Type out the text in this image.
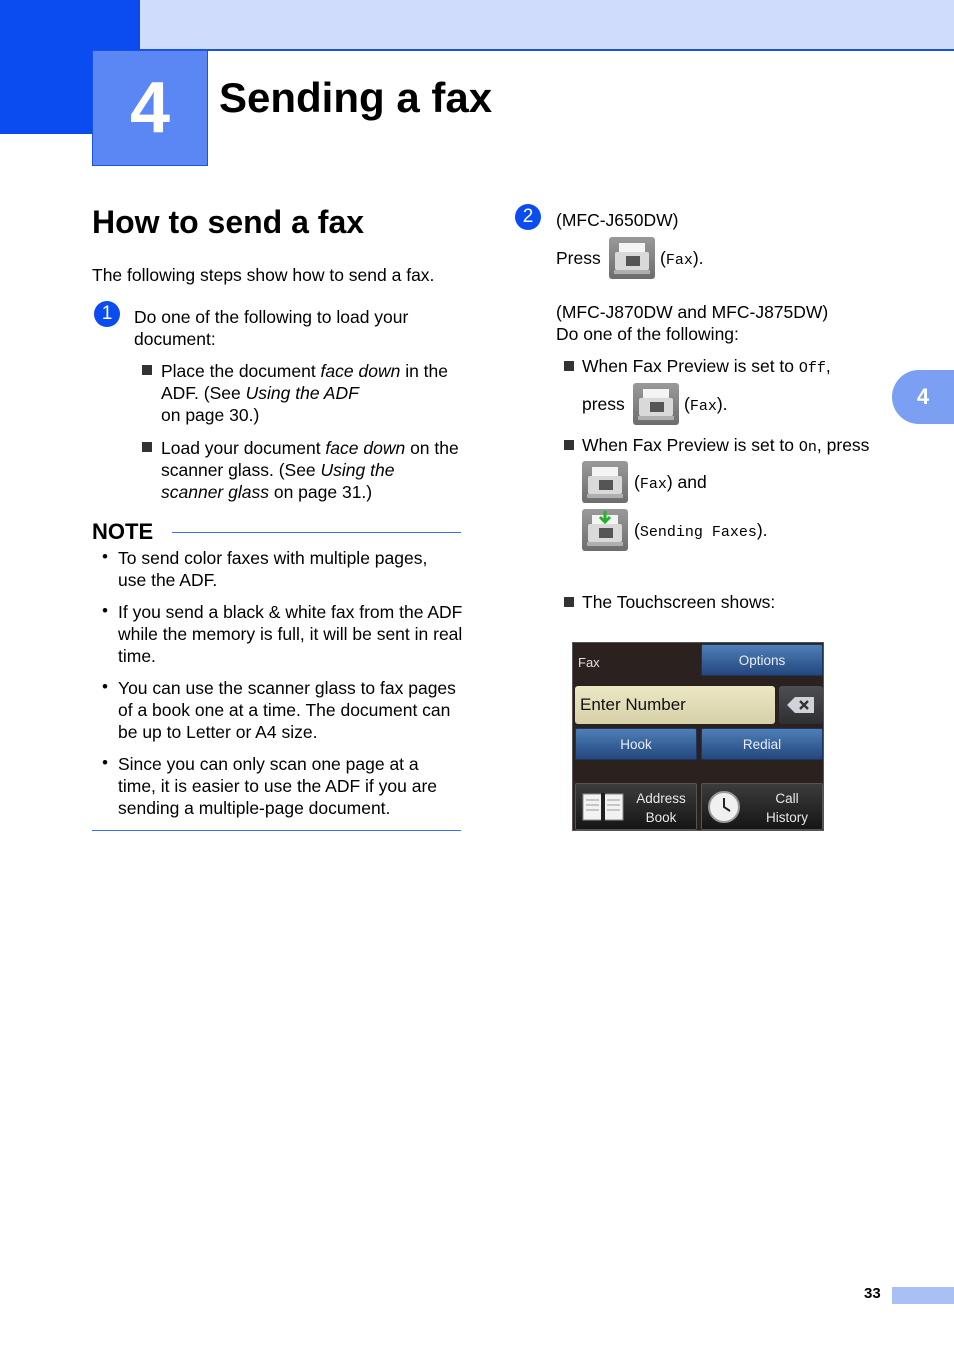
4	Sending a fax
4
How to send a fax
The following steps show how to send a fax.
1	Do one of the following to load your document:
Place the document face down in the ADF. (See Using the ADF
on page 30.)
Load your document face down on the scanner glass. (See Using the scanner glass on page 31.)
NOTE
• To send color faxes with multiple pages, use the ADF.
• If you send a black & white fax from the ADF while the memory is full, it will be sent in real time.
• You can use the scanner glass to fax pages of a book one at a time. The document can be up to Letter or A4 size.
• Since you can only scan one page at a time, it is easier to use the ADF if you are sending a multiple-page document.
2	(MFC-J650DW)
Press	(Fax).
(MFC-J870DW and MFC-J875DW)
Do one of the following:
When Fax Preview is set to Off,
press	(Fax).
When Fax Preview is set to On, press
(Fax) and
(Sending Faxes).
The Touchscreen shows:
Fax	Options
Enter Number
Hook	Redial
Address
Book
Call
History
33
